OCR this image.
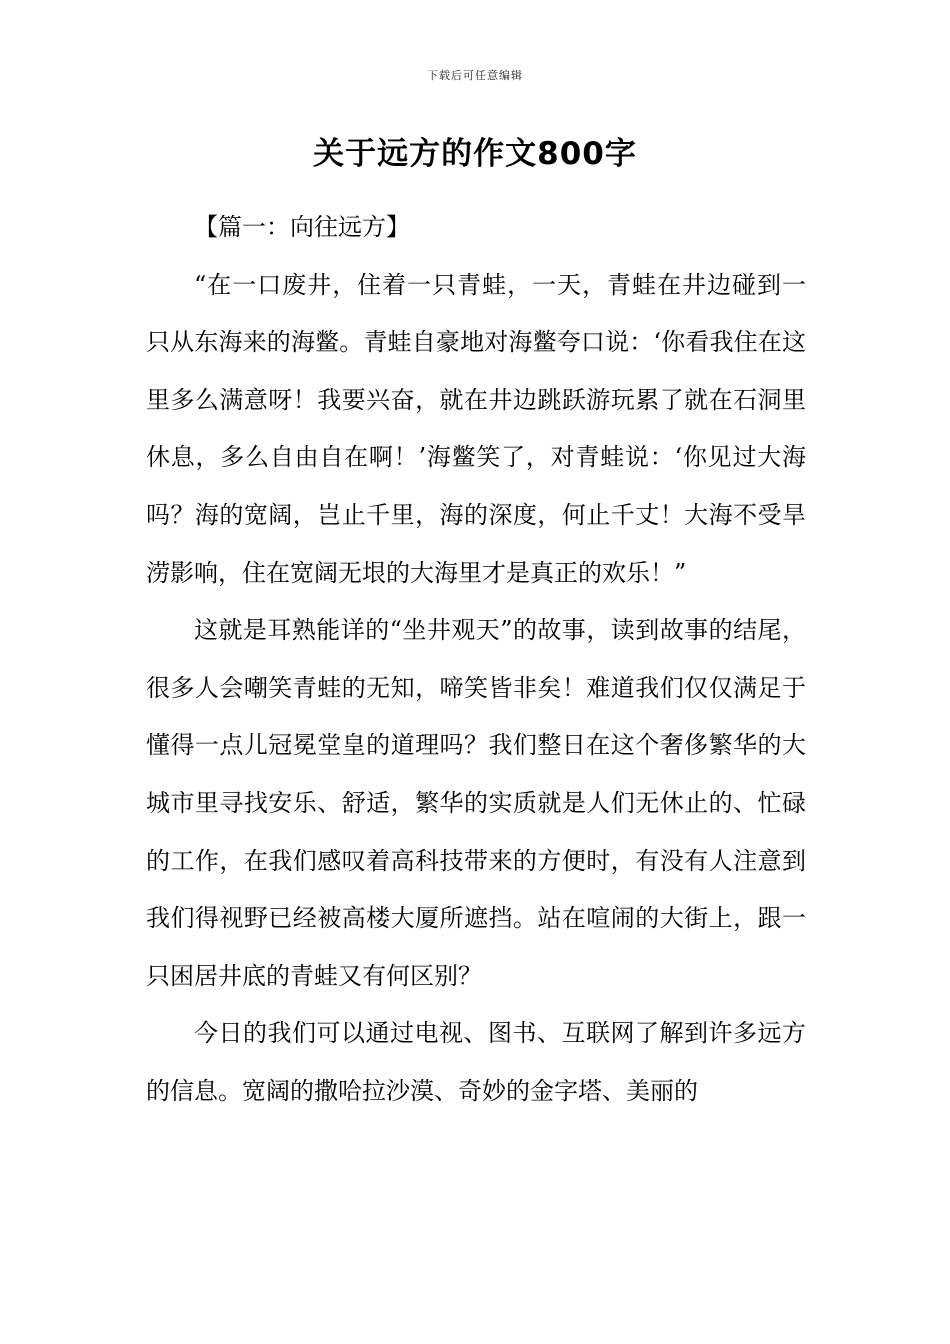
下载后可任意编辑
关于远方的作文800字

【篇一：向往远方】

“在一口废井，住着一只青蛙，一天，青蛙在井边碰到一只从东海来的海鳖。青蛙自豪地对海鳖夸口说：‘你看我住在这里多么满意呀！我要兴奋，就在井边跳跃游玩累了就在石洞里休息，多么自由自在啊！’海鳖笑了，对青蛙说：‘你见过大海吗？海的宽阔，岂止千里，海的深度，何止千丈！大海不受旱涝影响，住在宽阔无垠的大海里才是真正的欢乐！”

这就是耳熟能详的“坐井观天”的故事，读到故事的结尾，很多人会嘲笑青蛙的无知，啼笑皆非矣！难道我们仅仅满足于懂得一点儿冠冕堂皇的道理吗？我们整日在这个奢侈繁华的大城市里寻找安乐、舒适，繁华的实质就是人们无休止的、忙碌的工作，在我们感叹着高科技带来的方便时，有没有人注意到我们得视野已经被高楼大厦所遮挡。站在喧闹的大街上，跟一只困居井底的青蛙又有何区别？

今日的我们可以通过电视、图书、互联网了解到许多远方的信息。宽阔的撒哈拉沙漠、奇妙的金字塔、美丽的
